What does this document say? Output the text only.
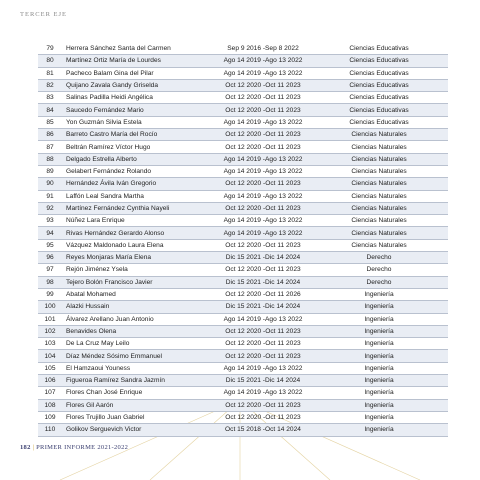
TERCER EJE
79	Herrera Sánchez Santa del Carmen	Sep 9 2016 -Sep 8 2022	Ciencias Educativas
80	Martínez Ortiz María de Lourdes	Ago 14 2019 -Ago 13 2022	Ciencias Educativas
81	Pacheco Balam Gina del Pilar	Ago 14 2019 -Ago 13 2022	Ciencias Educativas
82	Quijano Zavala Gandy Griselda	Oct 12 2020 -Oct 11 2023	Ciencias Educativas
83	Salinas Padilla Heidi Angélica	Oct 12 2020 -Oct 11 2023	Ciencias Educativas
84	Saucedo Fernández Mario	Oct 12 2020 -Oct 11 2023	Ciencias Educativas
85	Yon Guzmán Silvia Estela	Ago 14 2019 -Ago 13 2022	Ciencias Educativas
86	Barreto Castro María del Rocío	Oct 12 2020 -Oct 11 2023	Ciencias Naturales
87	Beltrán Ramírez Víctor Hugo	Oct 12 2020 -Oct 11 2023	Ciencias Naturales
88	Delgado Estrella Alberto	Ago 14 2019 -Ago 13 2022	Ciencias Naturales
89	Gelabert Fernández Rolando	Ago 14 2019 -Ago 13 2022	Ciencias Naturales
90	Hernández Ávila Iván Gregorio	Oct 12 2020 -Oct 11 2023	Ciencias Naturales
91	Laffón Leal Sandra Martha	Ago 14 2019 -Ago 13 2022	Ciencias Naturales
92	Martínez Fernández Cynthia Nayeli	Oct 12 2020 -Oct 11 2023	Ciencias Naturales
93	Núñez Lara Enrique	Ago 14 2019 -Ago 13 2022	Ciencias Naturales
94	Rivas Hernández Gerardo Alonso	Ago 14 2019 -Ago 13 2022	Ciencias Naturales
95	Vázquez Maldonado Laura Elena	Oct 12 2020 -Oct 11 2023	Ciencias Naturales
96	Reyes Monjaras María Elena	Dic 15 2021 -Dic 14 2024	Derecho
97	Rejón Jiménez Ysela	Oct 12 2020 -Oct 11 2023	Derecho
98	Tejero Bolón Francisco Javier	Dic 15 2021 -Dic 14 2024	Derecho
99	Abatal Mohamed	Oct 12 2020 -Oct 11 2026	Ingeniería
100	Alazki Hussain	Dic 15 2021 -Dic 14 2024	Ingeniería
101	Álvarez Arellano Juan Antonio	Ago 14 2019 -Ago 13 2022	Ingeniería
102	Benavides Olena	Oct 12 2020 -Oct 11 2023	Ingeniería
103	De La Cruz May Leilo	Oct 12 2020 -Oct 11 2023	Ingeniería
104	Díaz Méndez Sósimo Emmanuel	Oct 12 2020 -Oct 11 2023	Ingeniería
105	El Hamzaoui Youness	Ago 14 2019 -Ago 13 2022	Ingeniería
106	Figueroa Ramírez Sandra Jazmín	Dic 15 2021 -Dic 14 2024	Ingeniería
107	Flores Chan José Enrique	Ago 14 2019 -Ago 13 2022	Ingeniería
108	Flores Gil Aarón	Oct 12 2020 -Oct 11 2023	Ingeniería
109	Flores Trujillo Juan Gabriel	Oct 12 2020 -Oct 11 2023	Ingeniería
110	Golikov Serguevich Victor	Oct 15 2018 -Oct 14 2024	Ingeniería
182 | PRIMER INFORME 2021-2022
